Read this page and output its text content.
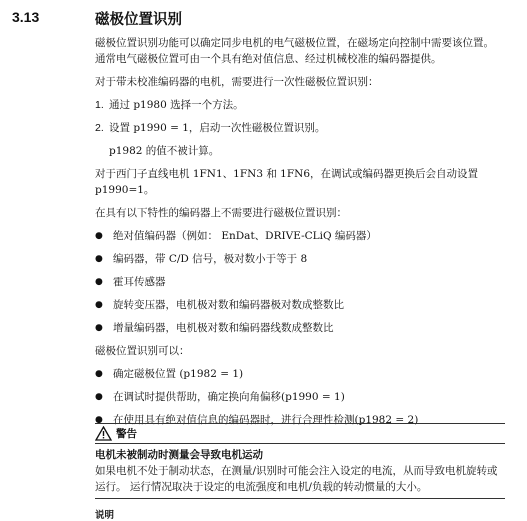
3.13	磁极位置识别

磁极位置识别功能可以确定同步电机的电气磁极位置，在磁场定向控制中需要该位置。

通常电气磁极位置可由一个具有绝对值信息、经过机械校准的编码器提供。

对于带未校准编码器的电机，需要进行一次性磁极位置识别：

1. 通过 p1980 选择一个方法。
2. 设置 p1990 = 1，启动一次性磁极位置识别。

p1982 的值不被计算。

对于西门子直线电机 1FN1、1FN3 和 1FN6，在调试或编码器更换后会自动设置

p1990=1。

在具有以下特性的编码器上不需要进行磁极位置识别：

● 绝对值编码器（例如： EnDat、DRIVE-CLiQ 编码器）
● 编码器，带 C/D 信号，极对数小于等于 8
● 霍耳传感器
● 旋转变压器，电机极对数和编码器极对数成整数比
● 增量编码器，电机极对数和编码器线数成整数比

磁极位置识别可以：

● 确定磁极位置 (p1982 = 1)
● 在调试时提供帮助，确定换向角偏移(p1990 = 1)
● 在使用具有绝对值信息的编码器时，进行合理性检测(p1982 = 2)
警告
电机未被制动时测量会导致电机运动
如果电机不处于制动状态，在测量/识别时可能会注入设定的电流，从而导致电机旋转或
运行。 运行情况取决于设定的电流强度和电机/负载的转动惯量的大小。
说明
